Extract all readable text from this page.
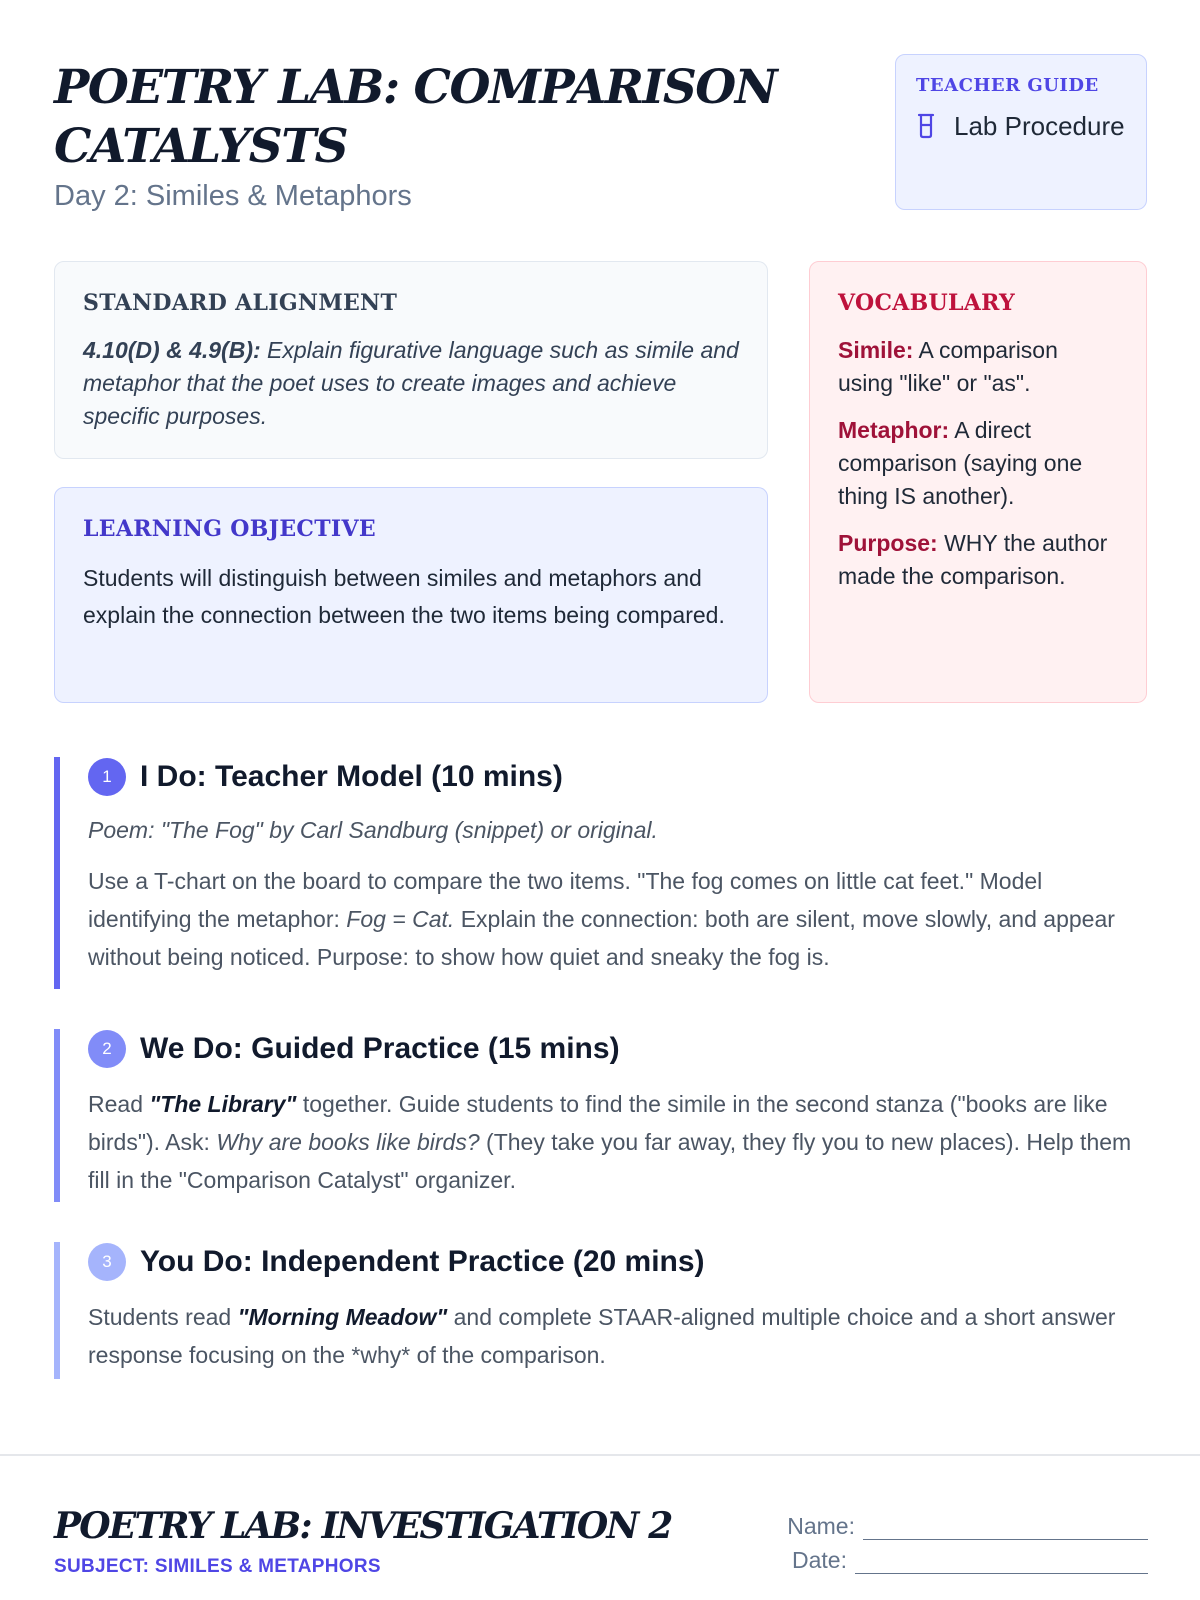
POETRY LAB: COMPARISON CATALYSTS
Day 2: Similes & Metaphors
TEACHER GUIDE
Lab Procedure
STANDARD ALIGNMENT

4.10(D) & 4.9(B): Explain figurative language such as simile and metaphor that the poet uses to create images and achieve specific purposes.

LEARNING OBJECTIVE

Students will distinguish between similes and metaphors and explain the connection between the two items being compared.

VOCABULARY

Simile: A comparison using "like" or "as".

Metaphor: A direct comparison (saying one thing IS another).

Purpose: WHY the author made the comparison.

1 I Do: Teacher Model (10 mins)

Poem: "The Fog" by Carl Sandburg (snippet) or original.

Use a T-chart on the board to compare the two items. "The fog comes on little cat feet." Model identifying the metaphor: Fog = Cat. Explain the connection: both are silent, move slowly, and appear without being noticed. Purpose: to show how quiet and sneaky the fog is.

2 We Do: Guided Practice (15 mins)

Read "The Library" together. Guide students to find the simile in the second stanza ("books are like birds"). Ask: Why are books like birds? (They take you far away, they fly you to new places). Help them fill in the "Comparison Catalyst" organizer.

3 You Do: Independent Practice (20 mins)

Students read "Morning Meadow" and complete STAAR-aligned multiple choice and a short answer response focusing on the *why* of the comparison.

POETRY LAB: INVESTIGATION 2
SUBJECT: SIMILES & METAPHORS
Name:
Date:
